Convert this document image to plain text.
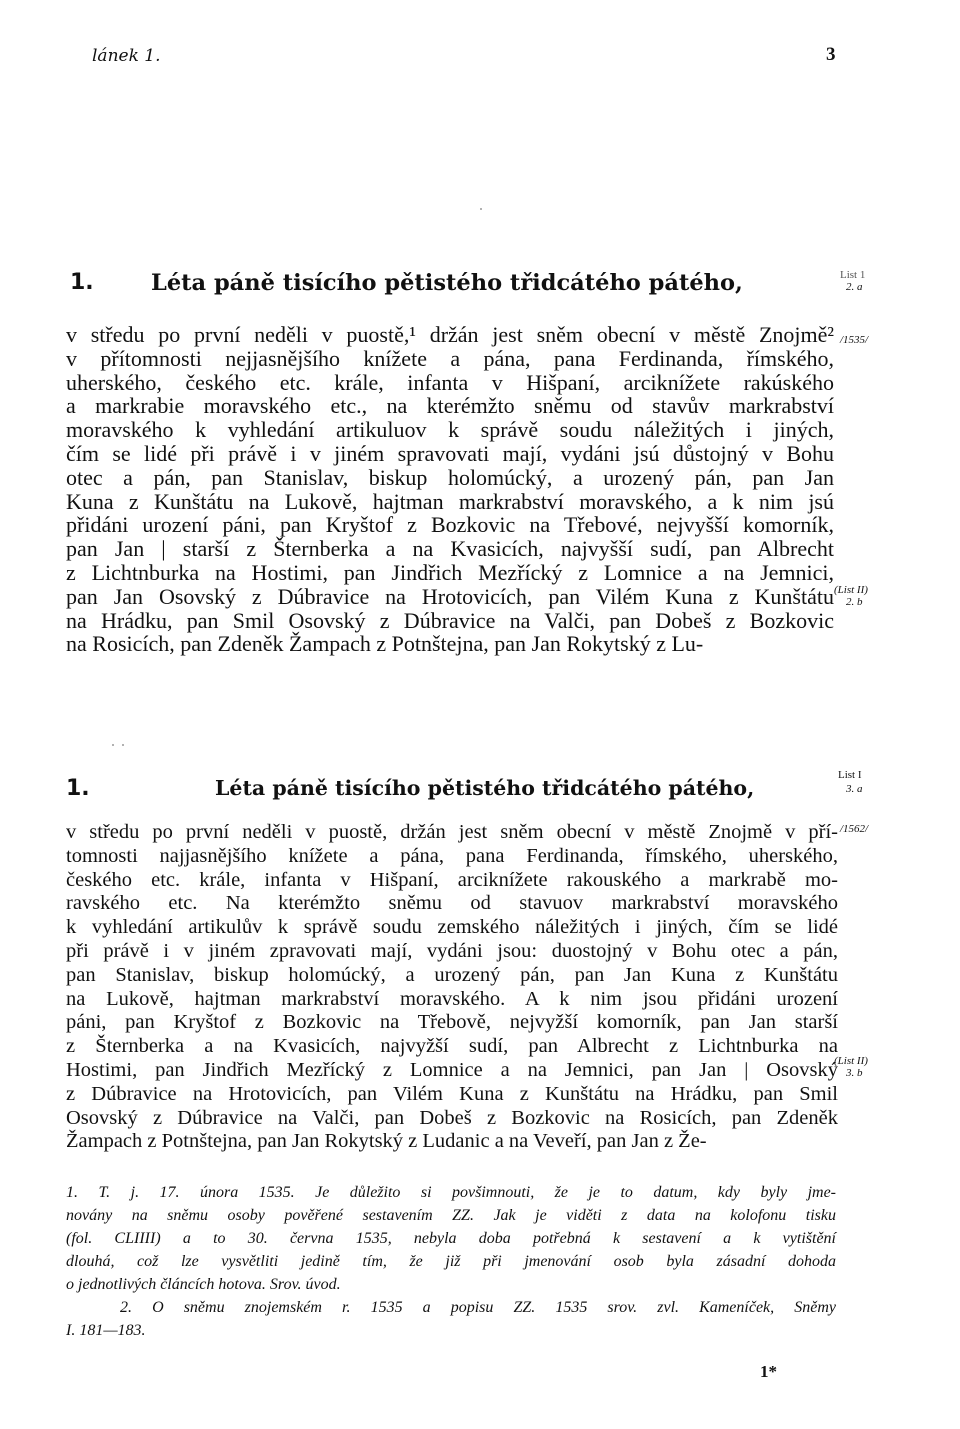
lánek 1.	3
1.	Léta páně tisícího pětistého třidcátého pátého,	List 1
2. a
/1535/
(List II)
2. b
v středu po první neděli v puostě,¹ držán jest sněm obecní v městě Znojmě²
v přítomnosti nejjasnějšího knížete a pána, pana Ferdinanda, římského,
uherského, českého etc. krále, infanta v Hišpaní, arciknížete rakúského
a markrabie moravského etc., na kterémžto sněmu od stavův markrabství
moravského k vyhledání artikuluov k správě soudu náležitých i jiných,
čím se lidé při právě i v jiném spravovati mají, vydáni jsú důstojný v Bohu
otec a pán, pan Stanislav, biskup holomúcký, a urozený pán, pan Jan
Kuna z Kunštátu na Lukově, hajtman markrabství moravského, a k nim jsú
přidáni urození páni, pan Kryštof z Bozkovic na Třebové, nejvyšší komorník,
pan Jan | starší z Šternberka a na Kvasicích, najvyšší sudí, pan Albrecht
z Lichtnburka na Hostimi, pan Jindřich Mezřícký z Lomnice a na Jemnici,
pan Jan Osovský z Dúbravice na Hrotovicích, pan Vilém Kuna z Kunštátu
na Hrádku, pan Smil Osovský z Dúbravice na Valči, pan Dobeš z Bozkovic
na Rosicích, pan Zdeněk Žampach z Potnštejna, pan Jan Rokytský z Lu-
1.	Léta páně tisícího pětistého třidcátého pátého,
List I
3. a
/1562/
(List II)
3. b
v středu po první neděli v puostě, držán jest sněm obecní v městě Znojmě v pří-
tomnosti najjasnějšího knížete a pána, pana Ferdinanda, římského, uherského,
českého etc. krále, infanta v Hišpaní, arciknížete rakouského a markrabě mo-
ravského etc. Na kterémžto sněmu od stavuov markrabství moravského
k vyhledání artikulův k správě soudu zemského náležitých i jiných, čím se lidé
při právě i v jiném zpravovati mají, vydáni jsou: duostojný v Bohu otec a pán,
pan Stanislav, biskup holomúcký, a urozený pán, pan Jan Kuna z Kunštátu
na Lukově, hajtman markrabství moravského. A k nim jsou přidáni urození
páni, pan Kryštof z Bozkovic na Třebově, nejvyžší komorník, pan Jan starší
z Šternberka a na Kvasicích, najvyžší sudí, pan Albrecht z Lichtnburka na
Hostimi, pan Jindřich Mezřícký z Lomnice a na Jemnici, pan Jan | Osovský
z Dúbravice na Hrotovicích, pan Vilém Kuna z Kunštátu na Hrádku, pan Smil
Osovský z Dúbravice na Valči, pan Dobeš z Bozkovic na Rosicích, pan Zdeněk
Žampach z Potnštejna, pan Jan Rokytský z Ludanic a na Veveří, pan Jan z Že-
1. T. j. 17. února 1535. Je důležito si povšimnouti, že je to datum, kdy byly jme-
novány na sněmu osoby pověřené sestavením ZZ. Jak je viděti z data na kolofonu tisku
(fol. CLIIII) a to 30. června 1535, nebyla doba potřebná k sestavení a k vytištění
dlouhá, což lze vysvětliti jedině tím, že již při jmenování osob byla zásadní dohoda
o jednotlivých článcích hotova. Srov. úvod.
2. O sněmu znojemském r. 1535 a popisu ZZ. 1535 srov. zvl. Kameníček, Sněmy
I. 181—183.
1*
